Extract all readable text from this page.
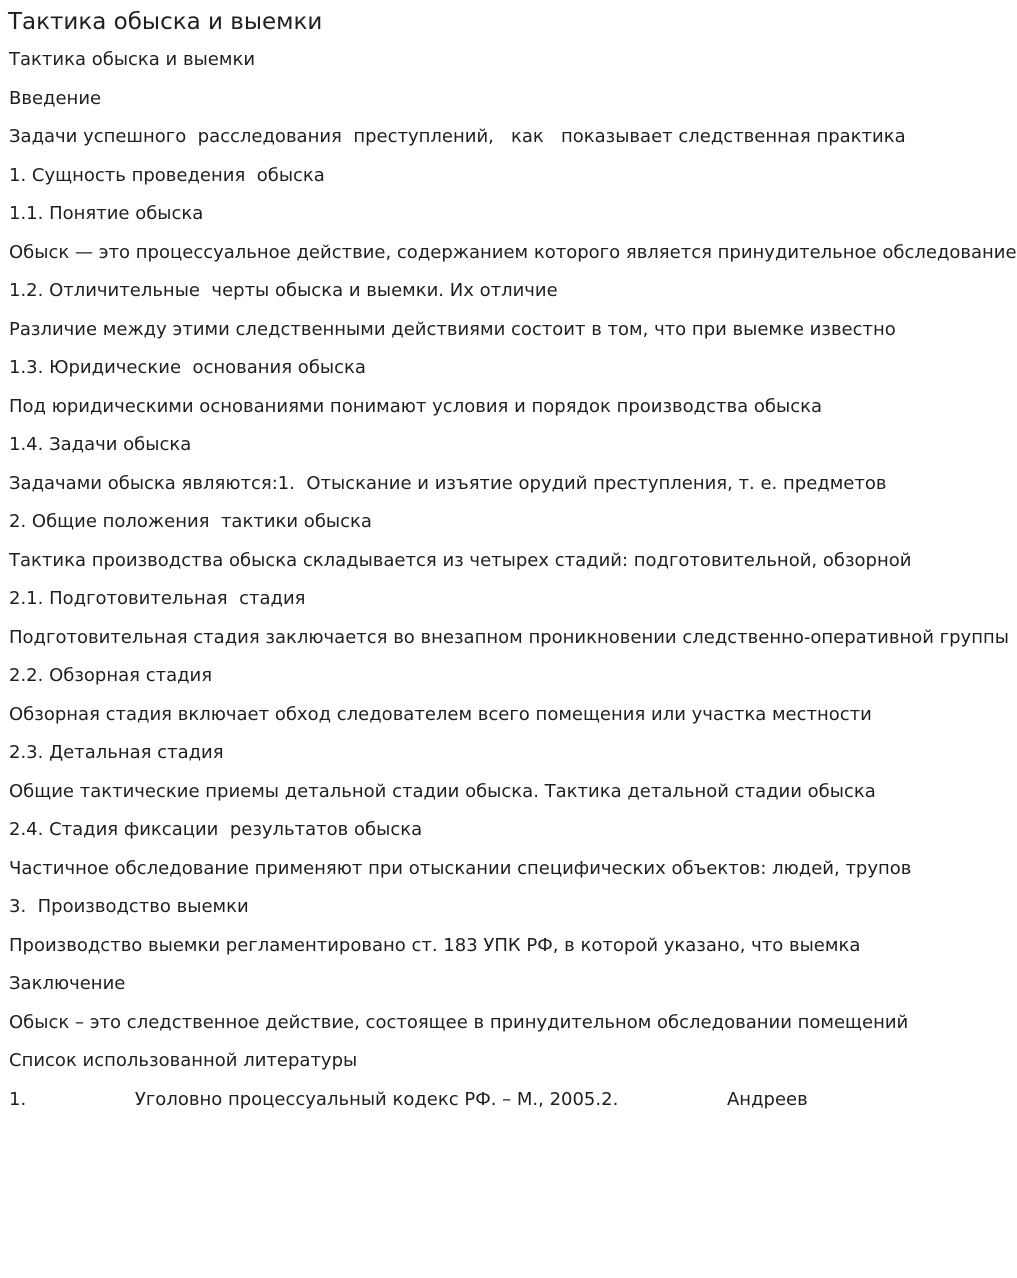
Тактика обыска и выемки
Тактика обыска и выемки
Введение
Задачи успешного  расследования  преступлений,   как   показывает следственная практика
1. Сущность проведения  обыска
1.1. Понятие обыска
Обыск — это процессуальное действие, содержанием которого является принудительное обследование
1.2. Отличительные  черты обыска и выемки. Их отличие
Различие между этими следственными действиями состоит в том, что при выемке известно
1.3. Юридические  основания обыска
Под юридическими основаниями понимают условия и порядок производства обыска
1.4. Задачи обыска
Задачами обыска являются:1.  Отыскание и изъятие орудий преступления, т. е. предметов
2. Общие положения  тактики обыска
Тактика производства обыска складывается из четырех стадий: подготовительной, обзорной
2.1. Подготовительная  стадия
Подготовительная стадия заключается во внезапном проникновении следственно-оперативной группы
2.2. Обзорная стадия
Обзорная стадия включает обход следователем всего помещения или участка местности
2.3. Детальная стадия
Общие тактические приемы детальной стадии обыска. Тактика детальной стадии обыска
2.4. Стадия фиксации  результатов обыска
Частичное обследование применяют при отыскании специфических объектов: людей, трупов
3.  Производство выемки
Производство выемки регламентировано ст. 183 УПК РФ, в которой указано, что выемка
Заключение
Обыск – это следственное действие, состоящее в принудительном обследовании помещений
Список использованной литературы
1.                   Уголовно процессуальный кодекс РФ. – М., 2005.2.                   Андреев
